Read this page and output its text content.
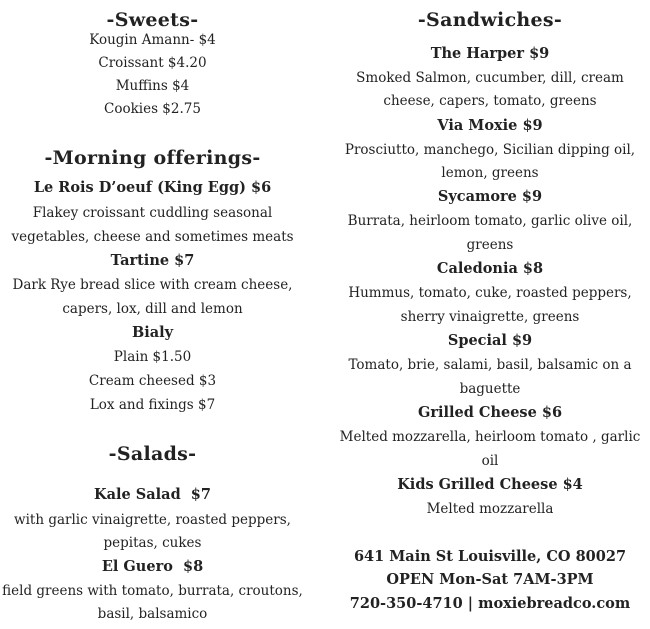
-Sweets-
Kougin Amann- $4
Croissant $4.20
Muffins $4
Cookies $2.75
-Morning offerings-
Le Rois D’oeuf (King Egg) $6
Flakey croissant cuddling seasonal
vegetables, cheese and sometimes meats
Tartine $7
Dark Rye bread slice with cream cheese,
capers, lox, dill and lemon
Bialy
Plain $1.50
Cream cheesed $3
Lox and fixings $7
-Salads-
Kale Salad  $7
with garlic vinaigrette, roasted peppers,
pepitas, cukes
El Guero  $8
field greens with tomato, burrata, croutons,
basil, balsamico
-Sandwiches-
The Harper $9
Smoked Salmon, cucumber, dill, cream
cheese, capers, tomato, greens
Via Moxie $9
Prosciutto, manchego, Sicilian dipping oil,
lemon, greens
Sycamore $9
Burrata, heirloom tomato, garlic olive oil,
greens
Caledonia $8
Hummus, tomato, cuke, roasted peppers,
sherry vinaigrette, greens
Special $9
Tomato, brie, salami, basil, balsamic on a
baguette
Grilled Cheese $6
Melted mozzarella, heirloom tomato , garlic
oil
Kids Grilled Cheese $4
Melted mozzarella
641 Main St Louisville, CO 80027
OPEN Mon-Sat 7AM-3PM
720-350-4710 | moxiebreadco.com
